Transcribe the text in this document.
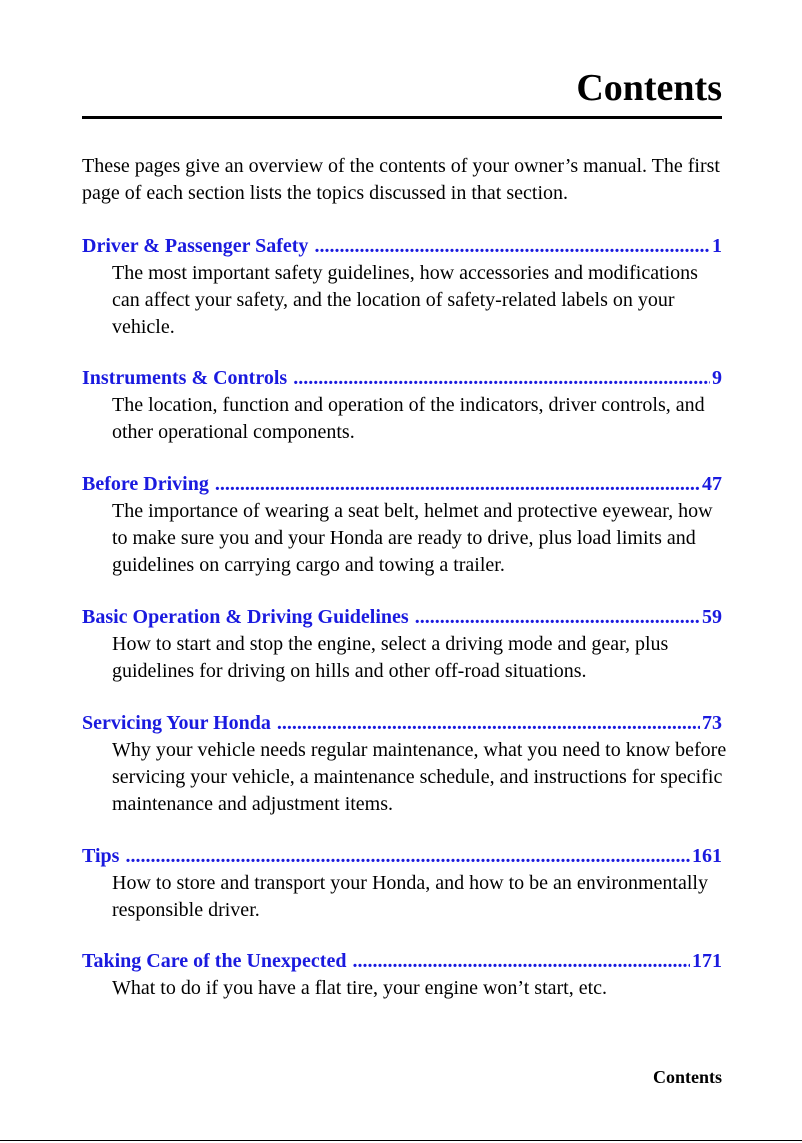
Contents

These pages give an overview of the contents of your owner’s manual. The first page of each section lists the topics discussed in that section.

Driver & Passenger Safety .....	1
The most important safety guidelines, how accessories and modifications can affect your safety, and the location of safety-related labels on your vehicle.
Instruments & Controls .....	9
The location, function and operation of the indicators, driver controls, and other operational components.
Before Driving .....	47
The importance of wearing a seat belt, helmet and protective eyewear, how to make sure you and your Honda are ready to drive, plus load limits and guidelines on carrying cargo and towing a trailer.
Basic Operation & Driving Guidelines .....	59
How to start and stop the engine, select a driving mode and gear, plus guidelines for driving on hills and other off-road situations.
Servicing Your Honda .....	73
Why your vehicle needs regular maintenance, what you need to know before servicing your vehicle, a maintenance schedule, and instructions for specific maintenance and adjustment items.
Tips .....	161
How to store and transport your Honda, and how to be an environmentally responsible driver.
Taking Care of the Unexpected .....	171
What to do if you have a flat tire, your engine won’t start, etc.
Contents
